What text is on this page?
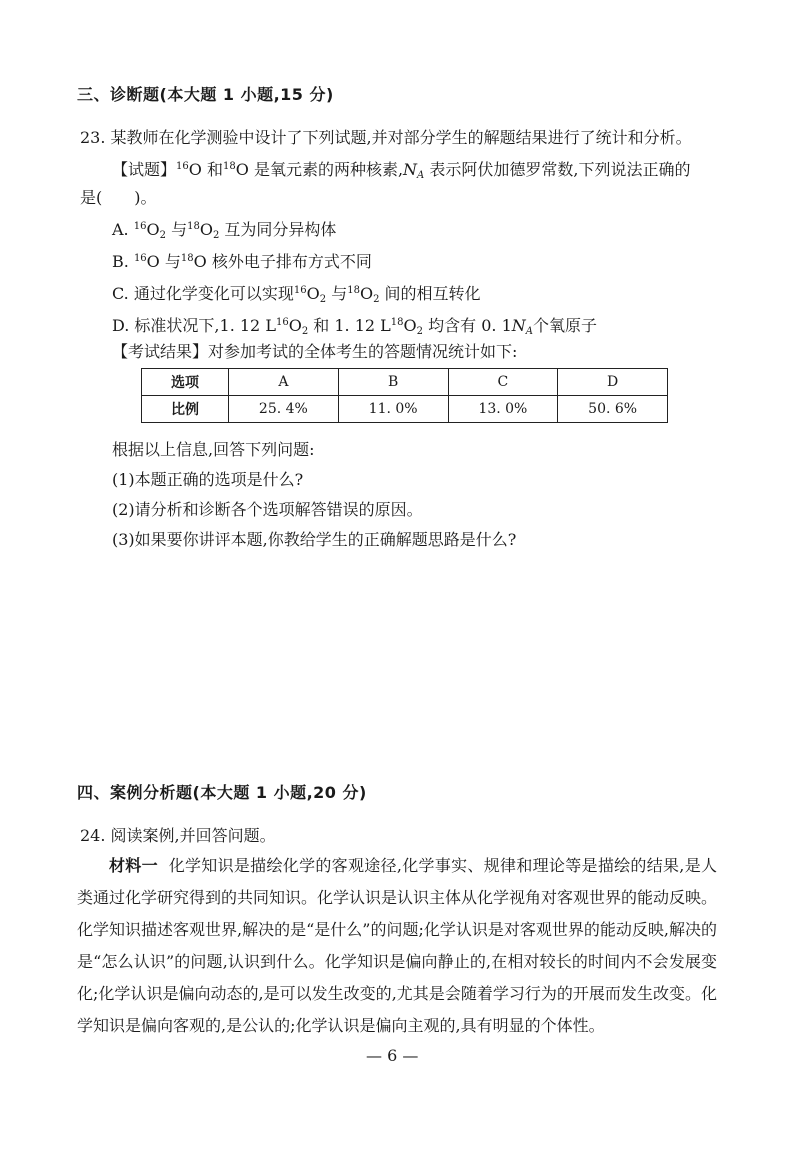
三、诊断题(本大题 1 小题,15 分)
23. 某教师在化学测验中设计了下列试题,并对部分学生的解题结果进行了统计和分析。
【试题】$^{16}$O 和$^{18}$O 是氧元素的两种核素$,N_A$ 表示阿伏加德罗常数,下列说法正确的
是(　　)。
A. $^{16}O_2$ 与$^{18}O_2$ 互为同分异构体
B. $^{16}$O 与$^{18}$O 核外电子排布方式不同
C. 通过化学变化可以实现$^{16}O_2$ 与$^{18}O_2$ 间的相互转化
D. 标准状况下,1. 12 $L^{16}O_2$ 和 1. 12 $L^{18}O_2$ 均含有 0. $1N_A$个氧原子
【考试结果】对参加考试的全体考生的答题情况统计如下:
选项	A	B	C	D
比例	25. 4%	11. 0%	13. 0%	50. 6%
根据以上信息,回答下列问题:
(1)本题正确的选项是什么?
(2)请分析和诊断各个选项解答错误的原因。
(3)如果要你讲评本题,你教给学生的正确解题思路是什么?
四、案例分析题(本大题 1 小题,20 分)
24. 阅读案例,并回答问题。
材料一 化学知识是描绘化学的客观途径,化学事实、规律和理论等是描绘的结果,是人类通过化学研究得到的共同知识。化学认识是认识主体从化学视角对客观世界的能动反映。化学知识描述客观世界,解决的是“是什么”的问题;化学认识是对客观世界的能动反映,解决的是“怎么认识”的问题,认识到什么。化学知识是偏向静止的,在相对较长的时间内不会发展变化;化学认识是偏向动态的,是可以发生改变的,尤其是会随着学习行为的开展而发生改变。化学知识是偏向客观的,是公认的;化学认识是偏向主观的,具有明显的个体性。
— 6 —
